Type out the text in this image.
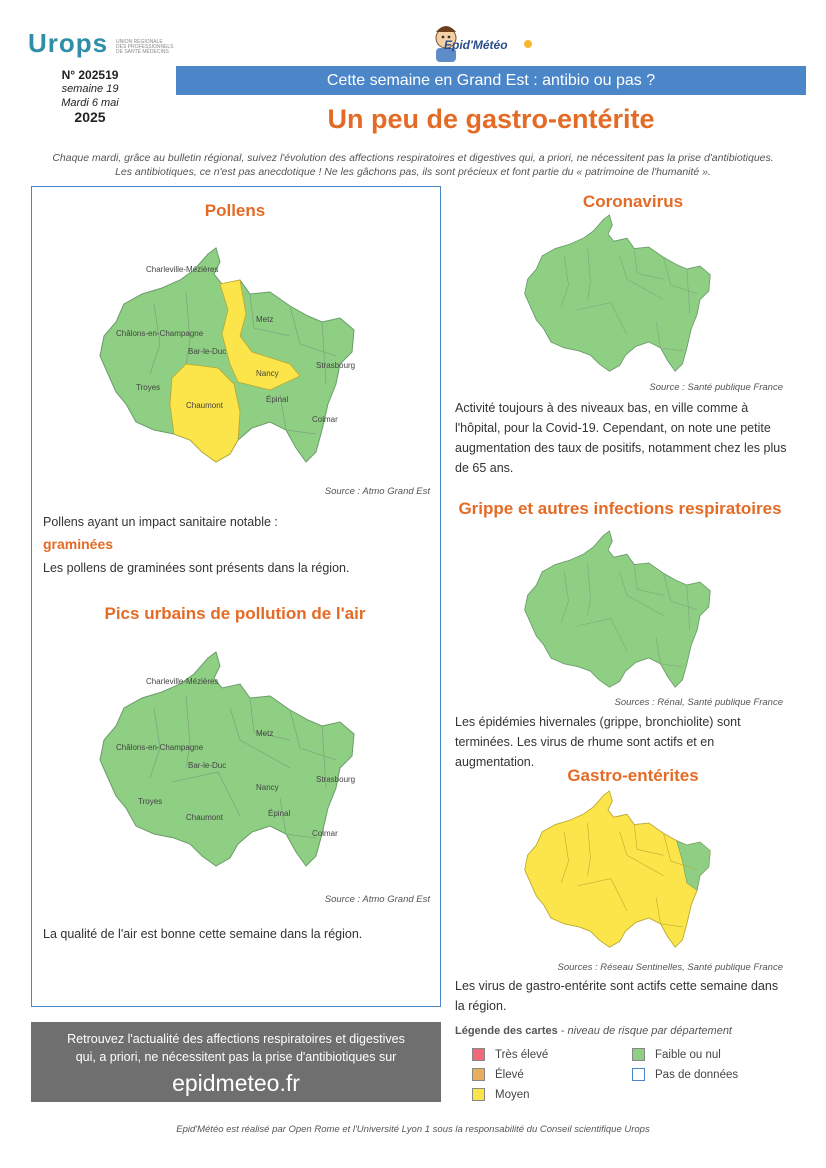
Urops UNION RÉGIONALE
DES PROFESSIONNELS
DE SANTÉ MÉDECINS	Epid'Météo
N° 202519
semaine 19
Mardi 6 mai
2025
Cette semaine en Grand Est : antibio ou pas ?
Un peu de gastro-entérite
Chaque mardi, grâce au bulletin régional, suivez l'évolution des affections respiratoires et digestives qui, a priori, ne nécessitent pas la prise d'antibiotiques.
Les antibiotiques, ce n'est pas anecdotique ! Ne les gâchons pas, ils sont précieux et font partie du « patrimoine de l'humanité ».
Pollens
Charleville-Mézières
Châlons-en-Champagne
Metz
Bar-le-Duc
Nancy
Strasbourg
Troyes
Chaumont
Épinal
Colmar
Source : Atmo Grand Est
Pollens ayant un impact sanitaire notable :
graminées
Les pollens de graminées sont présents dans la région.
Pics urbains de pollution de l'air
Charleville-Mézières
Châlons-en-Champagne
Metz
Bar-le-Duc
Nancy
Strasbourg
Troyes
Chaumont	Épinal
Colmar
Source : Atmo Grand Est
La qualité de l'air est bonne cette semaine dans la région.
Coronavirus
Source : Santé publique France
Activité toujours à des niveaux bas, en ville comme à l'hôpital, pour la Covid-19. Cependant, on note une petite augmentation des taux de positifs, notamment chez les plus de 65 ans.
Grippe et autres infections respiratoires
Sources : Rénal, Santé publique France
Les épidémies hivernales (grippe, bronchiolite) sont terminées. Les virus de rhume sont actifs et en augmentation.
Gastro-entérites
Sources : Réseau Sentinelles, Santé publique France
Les virus de gastro-entérite sont actifs cette semaine dans la région.
Retrouvez l'actualité des affections respiratoires et digestives
qui, a priori, ne nécessitent pas la prise d'antibiotiques sur
epidmeteo.fr
Légende des cartes - niveau de risque par département
Très élevé
Élevé
Moyen
Faible ou nul
Pas de données
Epid'Météo est réalisé par Open Rome et l'Université Lyon 1 sous la responsabilité du Conseil scientifique Urops
